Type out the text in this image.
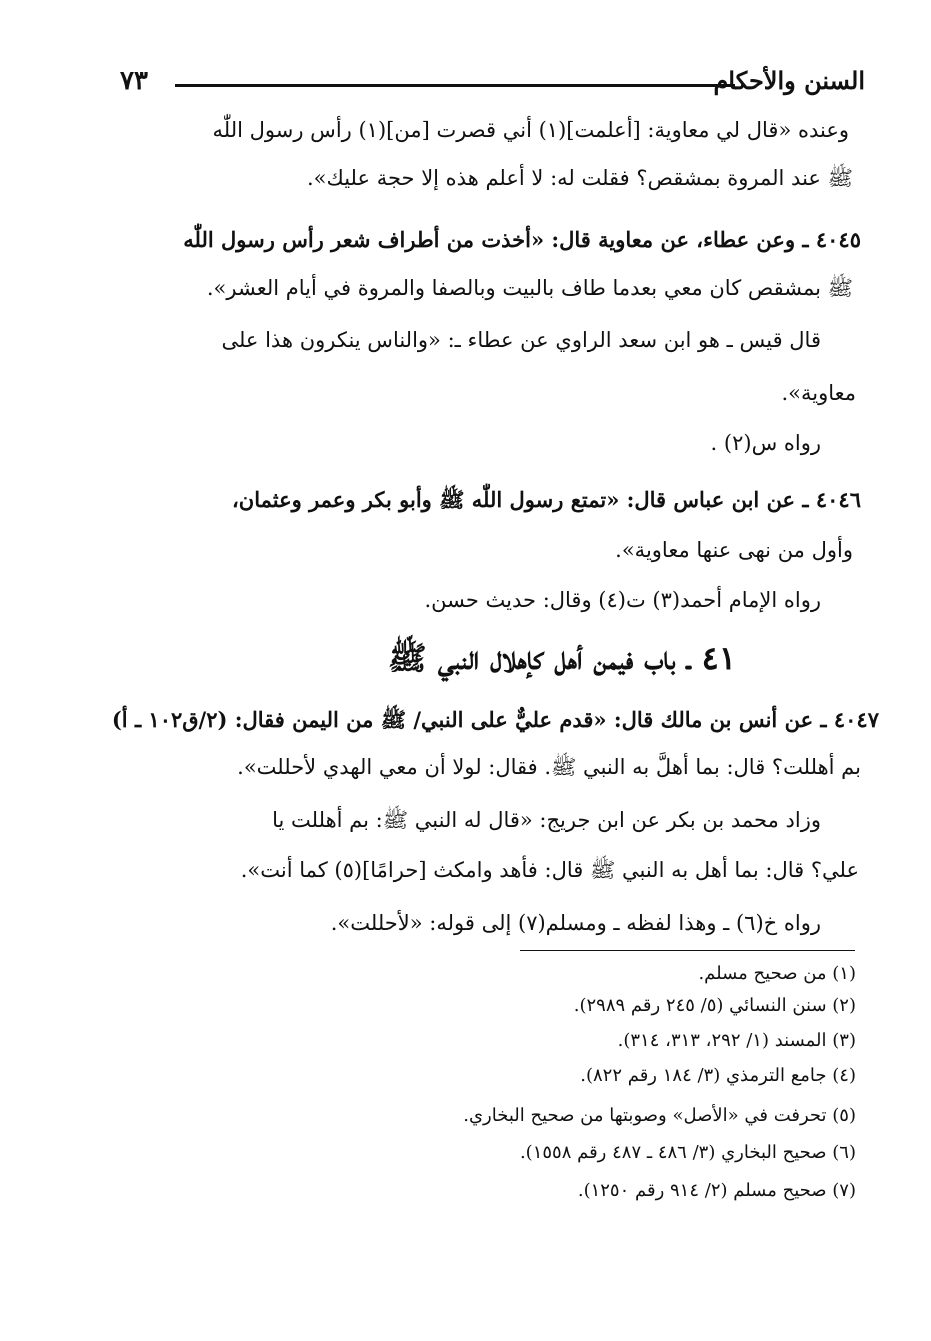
السنن والأحكام
٧٣
وعنده «قال لي معاوية: [أعلمت](١) أني قصرت [من](١) رأس رسول اللّٰه
ﷺ عند المروة بمشقص؟ فقلت له: لا أعلم هذه إلا حجة عليك».
٤٠٤٥ ـ وعن عطاء، عن معاوية قال: «أخذت من أطراف شعر رأس رسول اللّٰه
ﷺ بمشقص كان معي بعدما طاف بالبيت وبالصفا والمروة في أيام العشر».
قال قيس ـ هو ابن سعد الراوي عن عطاء ـ: «والناس ينكرون هذا على
معاوية».
رواه س(٢) .
٤٠٤٦ ـ عن ابن عباس قال: «تمتع رسول اللّٰه ﷺ وأبو بكر وعمر وعثمان،
وأول من نهى عنها معاوية».
رواه الإمام أحمد(٣) ت(٤) وقال: حديث حسن.
٤١ ـ باب فيمن أهل كإهلال النبي ﷺ
٤٠٤٧ ـ عن أنس بن مالك قال: «قدم عليٌّ على النبي/ ﷺ من اليمن فقال: (٢/ق١٠٢ ـ أ)
بم أهللت؟ قال: بما أهلَّ به النبي ﷺ. فقال: لولا أن معي الهدي لأحللت».
وزاد محمد بن بكر عن ابن جريج: «قال له النبي ﷺ: بم أهللت يا
علي؟ قال: بما أهل به النبي ﷺ قال: فأهد وامكث [حرامًا](٥) كما أنت».
رواه خ(٦) ـ وهذا لفظه ـ ومسلم(٧) إلى قوله: «لأحللت».
(١) من صحيح مسلم.
(٢) سنن النسائي (٥/ ٢٤٥ رقم ٢٩٨٩).
(٣) المسند (١/ ٢٩٢، ٣١٣، ٣١٤).
(٤) جامع الترمذي (٣/ ١٨٤ رقم ٨٢٢).
(٥) تحرفت في «الأصل» وصوبتها من صحيح البخاري.
(٦) صحيح البخاري (٣/ ٤٨٦ ـ ٤٨٧ رقم ١٥٥٨).
(٧) صحيح مسلم (٢/ ٩١٤ رقم ١٢٥٠).
